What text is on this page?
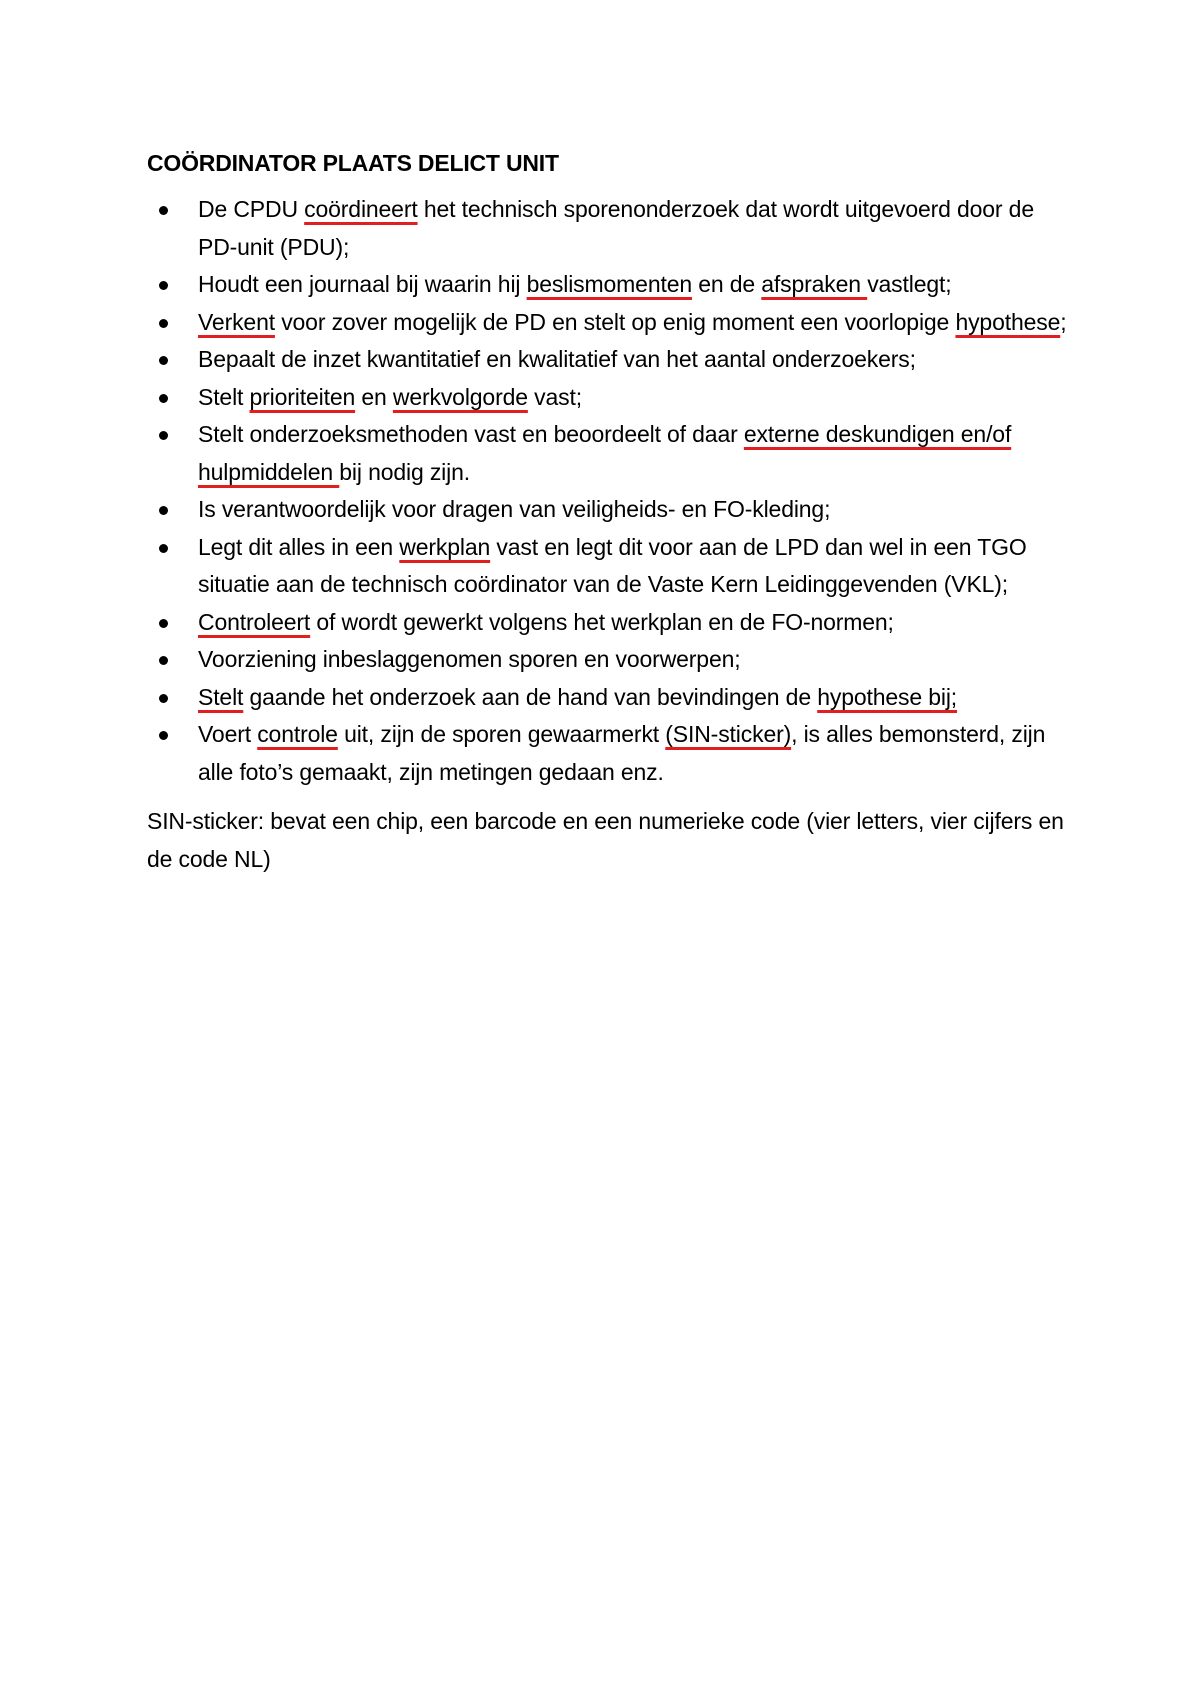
COÖRDINATOR PLAATS DELICT UNIT
De CPDU coördineert het technisch sporenonderzoek dat wordt uitgevoerd door de PD-unit (PDU);
Houdt een journaal bij waarin hij beslismomenten en de afspraken vastlegt;
Verkent voor zover mogelijk de PD en stelt op enig moment een voorlopige hypothese;
Bepaalt de inzet kwantitatief en kwalitatief van het aantal onderzoekers;
Stelt prioriteiten en werkvolgorde vast;
Stelt onderzoeksmethoden vast en beoordeelt of daar externe deskundigen en/of hulpmiddelen bij nodig zijn.
Is verantwoordelijk voor dragen van veiligheids- en FO-kleding;
Legt dit alles in een werkplan vast en legt dit voor aan de LPD dan wel in een TGO situatie aan de technisch coördinator van de Vaste Kern Leidinggevenden (VKL);
Controleert of wordt gewerkt volgens het werkplan en de FO-normen;
Voorziening inbeslaggenomen sporen en voorwerpen;
Stelt gaande het onderzoek aan de hand van bevindingen de hypothese bij;
Voert controle uit, zijn de sporen gewaarmerkt (SIN-sticker), is alles bemonsterd, zijn alle foto’s gemaakt, zijn metingen gedaan enz.

SIN-sticker: bevat een chip, een barcode en een numerieke code (vier letters, vier cijfers en de code NL)
